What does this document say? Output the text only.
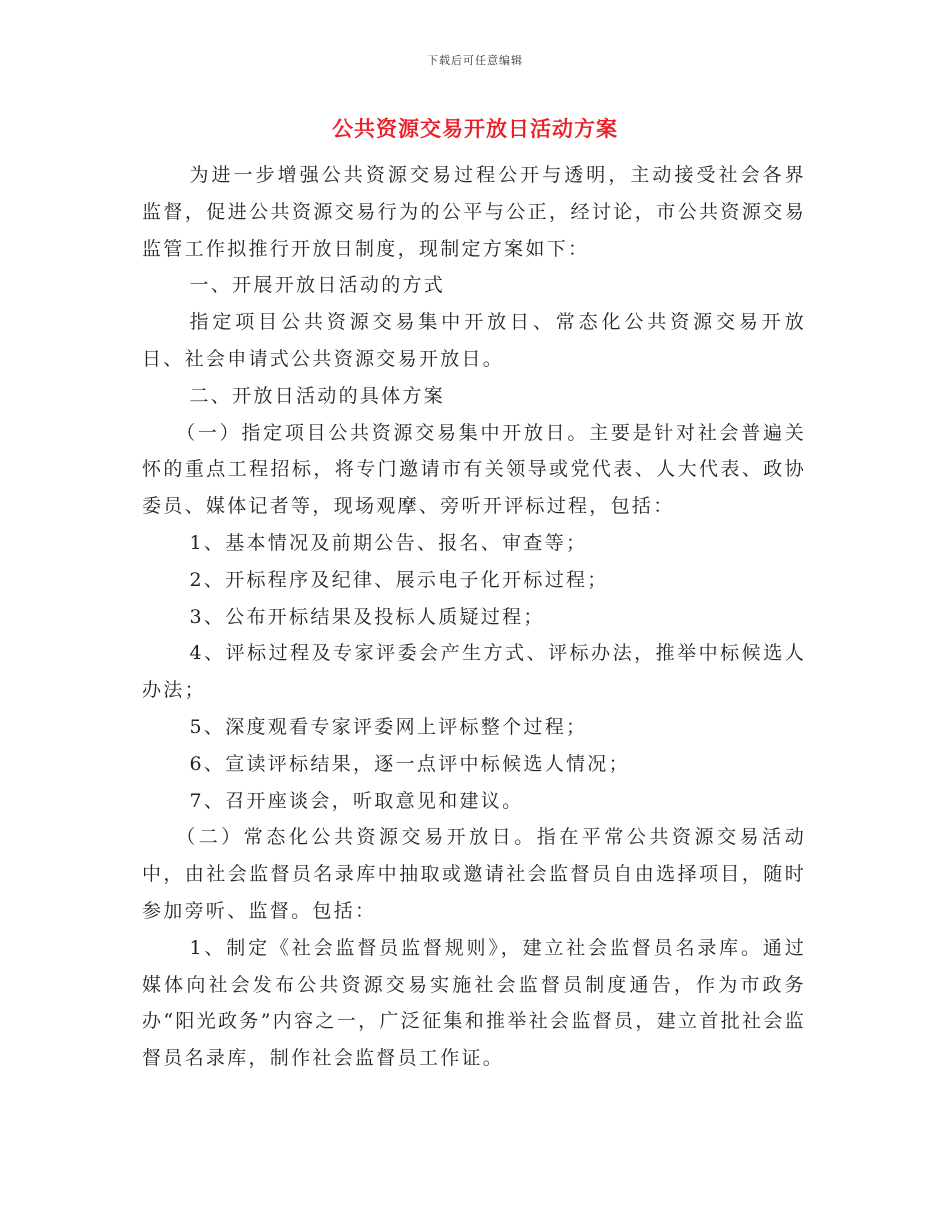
下载后可任意编辑
公共资源交易开放日活动方案

为进一步增强公共资源交易过程公开与透明，主动接受社会各界监督，促进公共资源交易行为的公平与公正，经讨论，市公共资源交易监管工作拟推行开放日制度，现制定方案如下：

一、开展开放日活动的方式

指定项目公共资源交易集中开放日、常态化公共资源交易开放日、社会申请式公共资源交易开放日。

二、开放日活动的具体方案

（一）指定项目公共资源交易集中开放日。主要是针对社会普遍关怀的重点工程招标，将专门邀请市有关领导或党代表、人大代表、政协委员、媒体记者等，现场观摩、旁听开评标过程，包括：

1、基本情况及前期公告、报名、审查等；

2、开标程序及纪律、展示电子化开标过程；

3、公布开标结果及投标人质疑过程；

4、评标过程及专家评委会产生方式、评标办法，推举中标候选人办法；

5、深度观看专家评委网上评标整个过程；

6、宣读评标结果，逐一点评中标候选人情况；

7、召开座谈会，听取意见和建议。

（二）常态化公共资源交易开放日。指在平常公共资源交易活动中，由社会监督员名录库中抽取或邀请社会监督员自由选择项目，随时参加旁听、监督。包括：

1、制定《社会监督员监督规则》，建立社会监督员名录库。通过媒体向社会发布公共资源交易实施社会监督员制度通告，作为市政务办“阳光政务”内容之一，广泛征集和推举社会监督员，建立首批社会监督员名录库，制作社会监督员工作证。
